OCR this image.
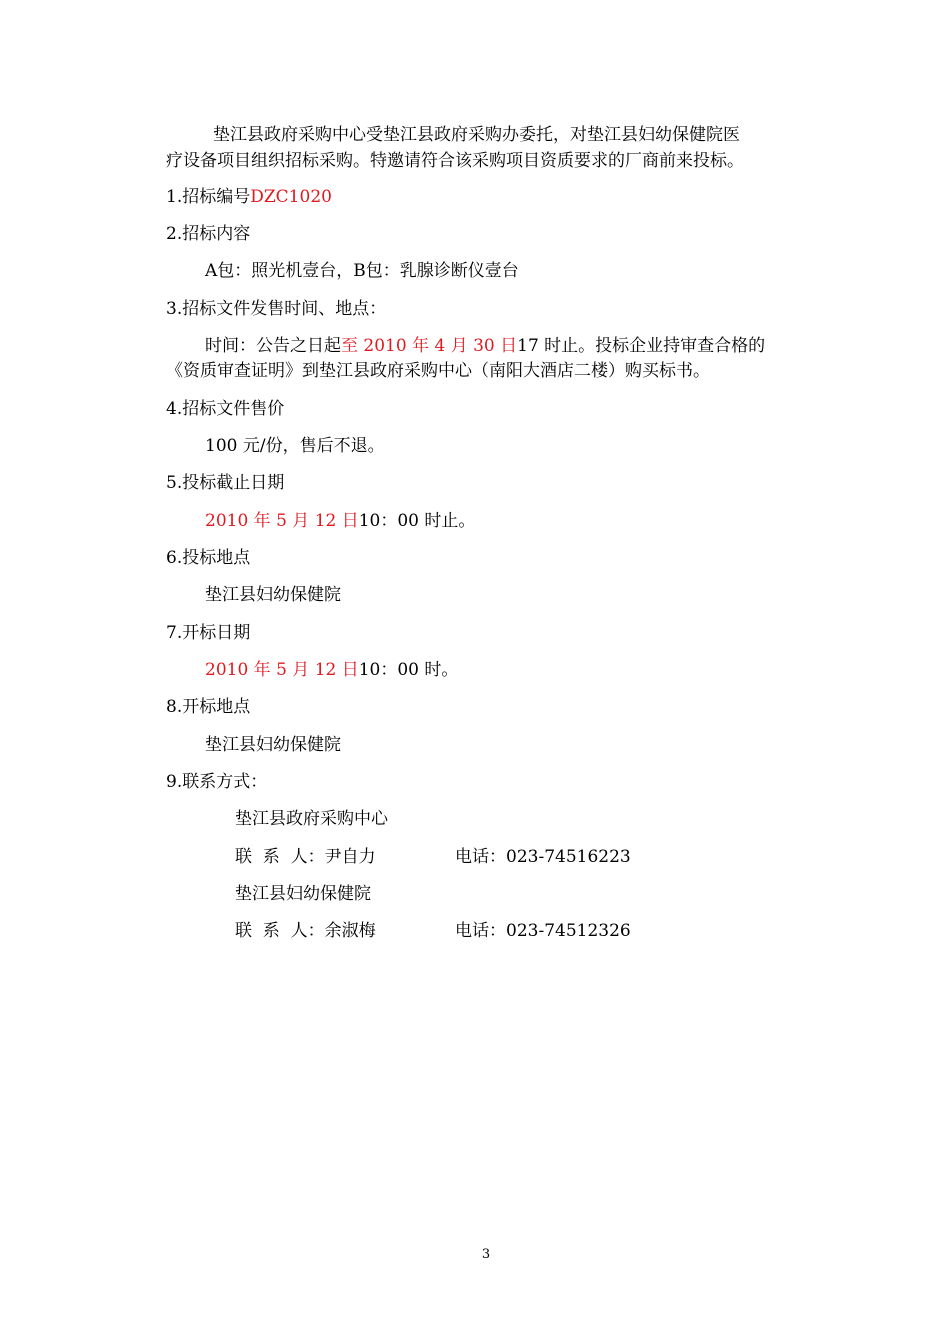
垫江县政府采购中心受垫江县政府采购办委托，对垫江县妇幼保健院医
疗设备项目组织招标采购。特邀请符合该采购项目资质要求的厂商前来投标。
1.招标编号DZC1020
2.招标内容
A包：照光机壹台，B包：乳腺诊断仪壹台
3.招标文件发售时间、地点：
时间：公告之日起至 2010 年 4 月 30 日17 时止。投标企业持审查合格的
《资质审查证明》到垫江县政府采购中心（南阳大酒店二楼）购买标书。
4.招标文件售价
100 元/份，售后不退。
5.投标截止日期
2010 年 5 月 12 日10：00 时止。
6.投标地点
垫江县妇幼保健院
7.开标日期
2010 年 5 月 12 日10：00 时。
8.开标地点
垫江县妇幼保健院
9.联系方式：
垫江县政府采购中心
联  系  人：尹自力	电话：023-74516223
垫江县妇幼保健院
联  系  人：余淑梅	电话：023-74512326
3
